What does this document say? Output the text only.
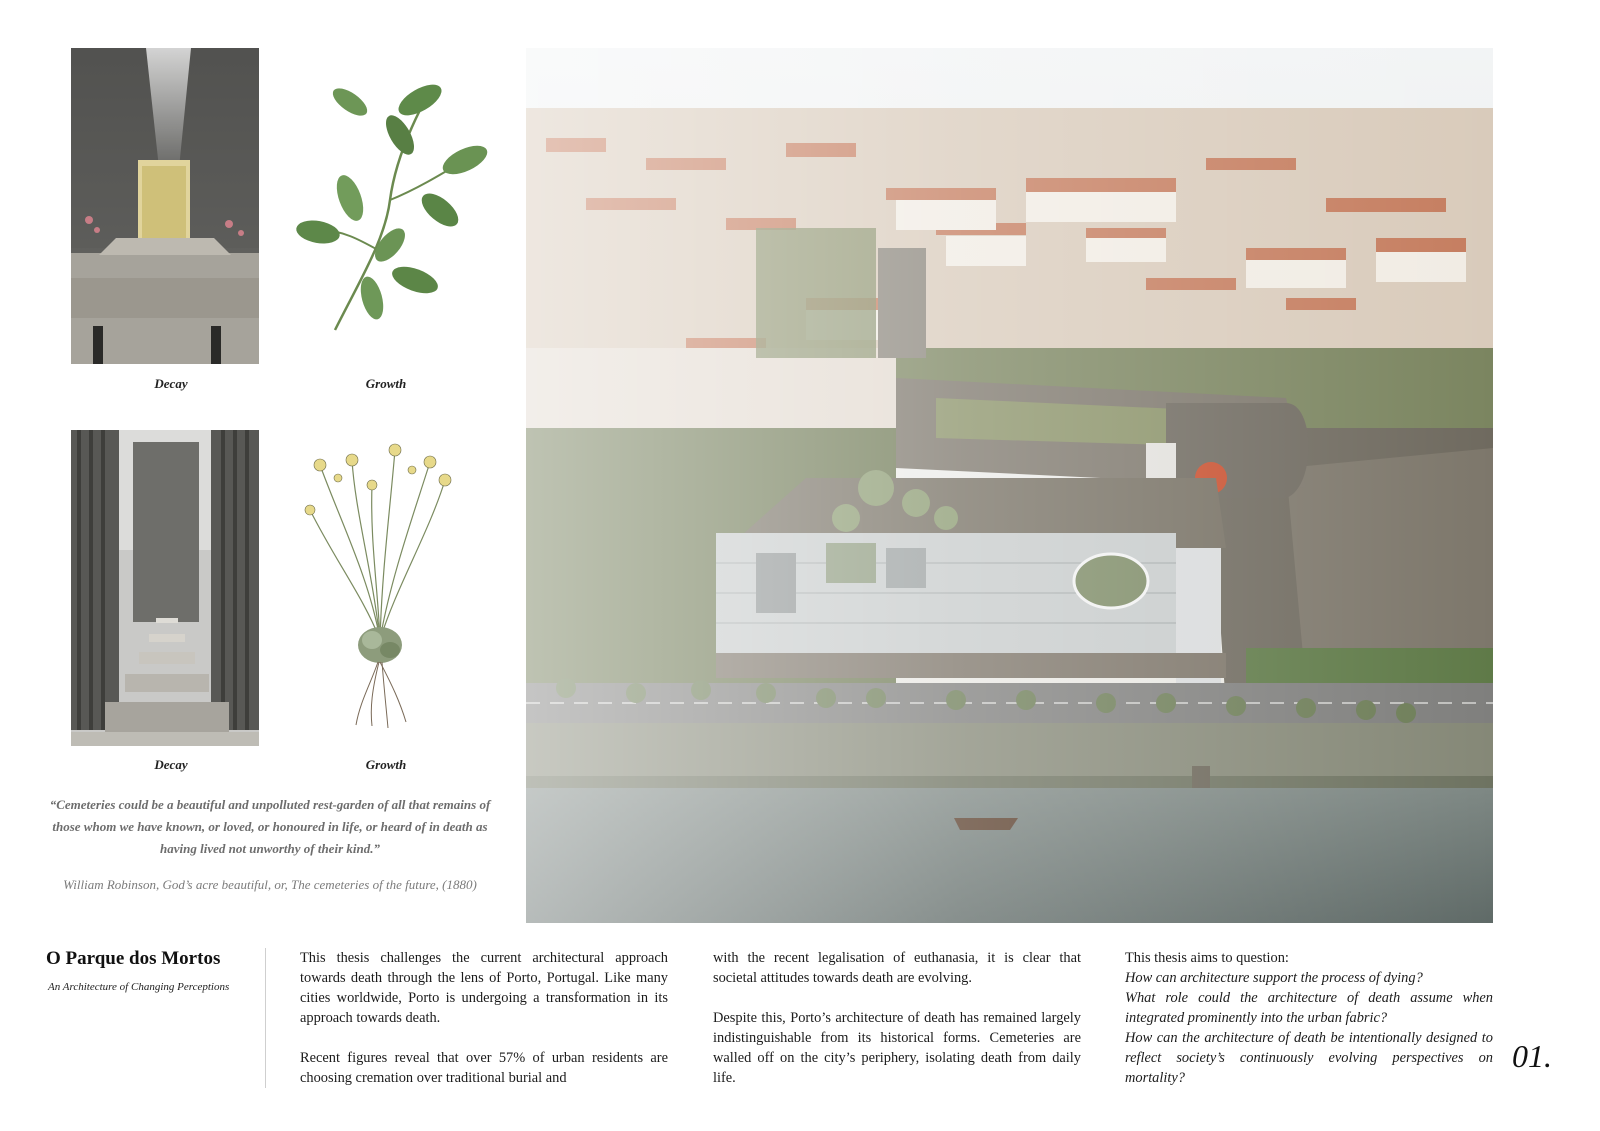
Decay	Growth
Decay	Growth
“Cemeteries could be a beautiful and unpolluted rest-garden of all that remains of those whom we have known, or loved, or honoured in life, or heard of in death as having lived not unworthy of their kind.”
William Robinson, God’s acre beautiful, or, The cemeteries of the future, (1880)
O Parque dos Mortos
An Architecture of Changing Perceptions

This thesis challenges the current architectural approach towards death through the lens of Porto, Portugal. Like many cities worldwide, Porto is undergoing a transformation in its approach towards death.

Recent figures reveal that over 57% of urban residents are choosing cremation over traditional burial and

with the recent legalisation of euthanasia, it is clear that societal attitudes towards death are evolving.

Despite this, Porto’s architecture of death has remained largely indistinguishable from its historical forms. Cemeteries are walled off on the city’s periphery, isolating death from daily life.

This thesis aims to question:
How can architecture support the process of dying?
What role could the architecture of death assume when integrated prominently into the urban fabric?
How can the architecture of death be intentionally designed to reflect society’s continuously evolving perspectives on mortality?
01.
